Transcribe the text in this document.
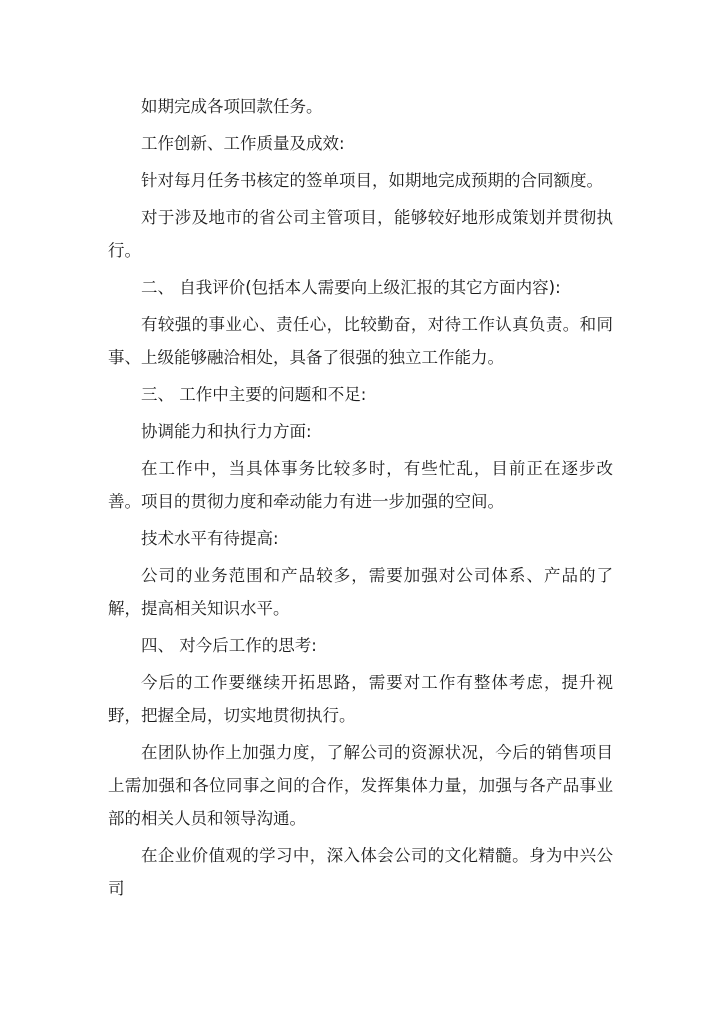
如期完成各项回款任务。

工作创新、工作质量及成效:

针对每月任务书核定的签单项目，如期地完成预期的合同额度。

对于涉及地市的省公司主管项目，能够较好地形成策划并贯彻执行。

二、 自我评价(包括本人需要向上级汇报的其它方面内容):

有较强的事业心、责任心，比较勤奋，对待工作认真负责。和同事、上级能够融洽相处，具备了很强的独立工作能力。

三、 工作中主要的问题和不足:

协调能力和执行力方面:

在工作中，当具体事务比较多时，有些忙乱，目前正在逐步改善。项目的贯彻力度和牵动能力有进一步加强的空间。

技术水平有待提高:

公司的业务范围和产品较多，需要加强对公司体系、产品的了解，提高相关知识水平。

四、 对今后工作的思考:

今后的工作要继续开拓思路，需要对工作有整体考虑，提升视野，把握全局，切实地贯彻执行。

在团队协作上加强力度，了解公司的资源状况，今后的销售项目上需加强和各位同事之间的合作，发挥集体力量，加强与各产品事业部的相关人员和领导沟通。

在企业价值观的学习中，深入体会公司的文化精髓。身为中兴公司
